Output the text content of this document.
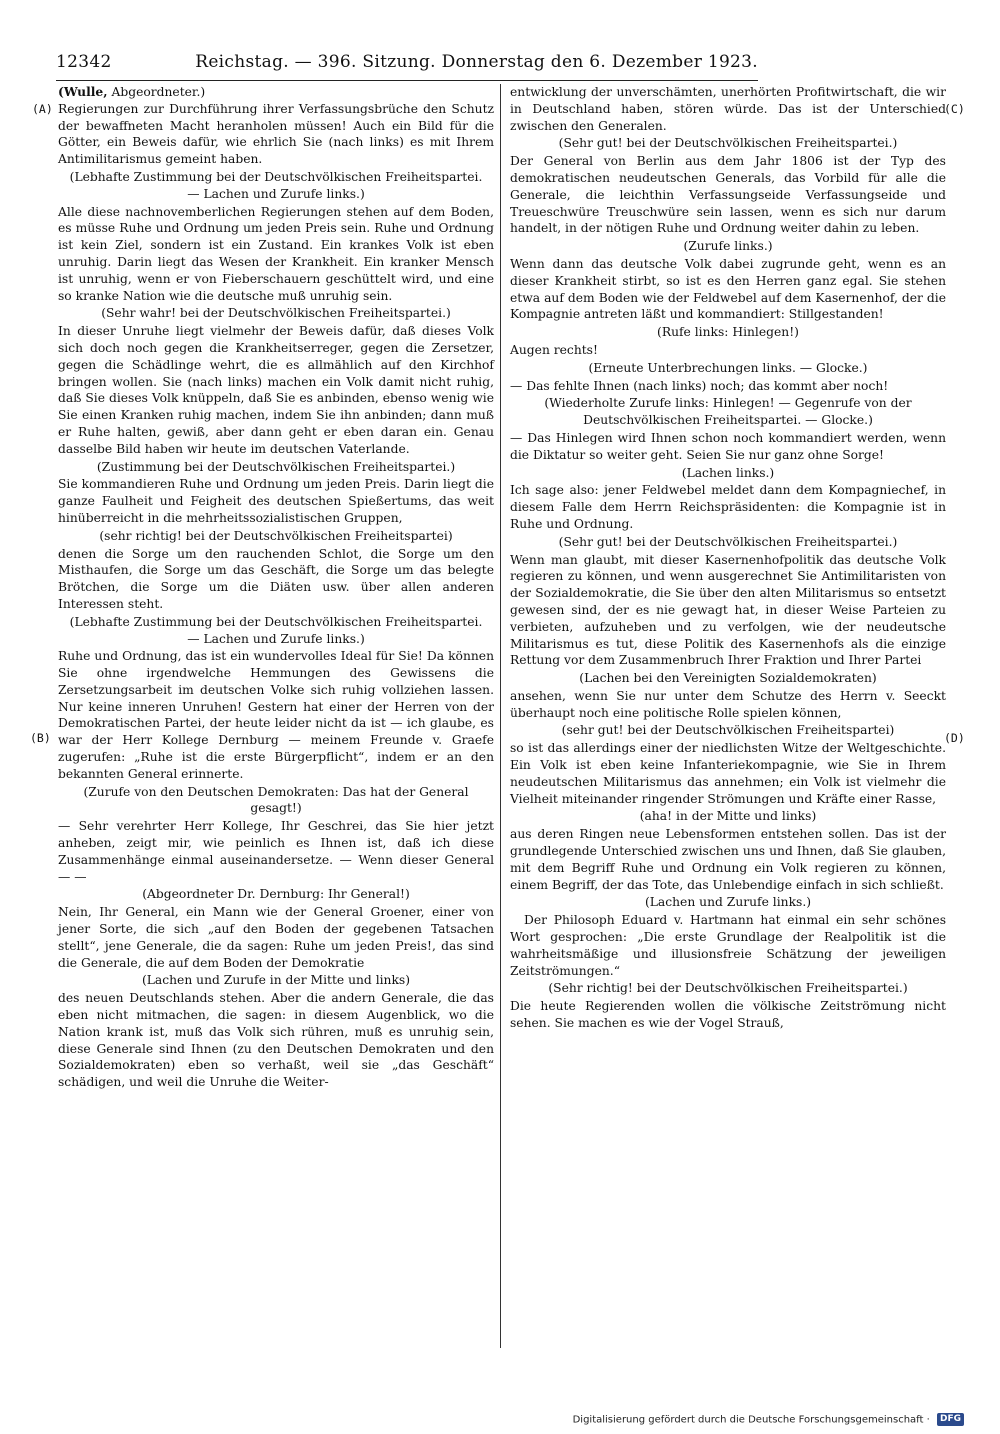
12342	Reichstag. — 396. Sitzung. Donnerstag den 6. Dezember 1923.
(A)
(B)
(C)
(D)

(Wulle, Abgeordneter.)

Regierungen zur Durchführung ihrer Verfassungsbrüche den Schutz der bewaffneten Macht heranholen müssen! Auch ein Bild für die Götter, ein Beweis dafür, wie ehrlich Sie (nach links) es mit Ihrem Antimilitarismus gemeint haben.

(Lebhafte Zustimmung bei der Deutschvölkischen Freiheitspartei. — Lachen und Zurufe links.)

Alle diese nachnovemberlichen Regierungen stehen auf dem Boden, es müsse Ruhe und Ordnung um jeden Preis sein. Ruhe und Ordnung ist kein Ziel, sondern ist ein Zustand. Ein krankes Volk ist eben unruhig. Darin liegt das Wesen der Krankheit. Ein kranker Mensch ist unruhig, wenn er von Fieberschauern geschüttelt wird, und eine so kranke Nation wie die deutsche muß unruhig sein.

(Sehr wahr! bei der Deutschvölkischen Freiheitspartei.)

In dieser Unruhe liegt vielmehr der Beweis dafür, daß dieses Volk sich doch noch gegen die Krankheitserreger, gegen die Zersetzer, gegen die Schädlinge wehrt, die es allmählich auf den Kirchhof bringen wollen. Sie (nach links) machen ein Volk damit nicht ruhig, daß Sie dieses Volk knüppeln, daß Sie es anbinden, ebenso wenig wie Sie einen Kranken ruhig machen, indem Sie ihn anbinden; dann muß er Ruhe halten, gewiß, aber dann geht er eben daran ein. Genau dasselbe Bild haben wir heute im deutschen Vaterlande.

(Zustimmung bei der Deutschvölkischen Freiheitspartei.)

Sie kommandieren Ruhe und Ordnung um jeden Preis. Darin liegt die ganze Faulheit und Feigheit des deutschen Spießertums, das weit hinüberreicht in die mehrheitssozialistischen Gruppen,

(sehr richtig! bei der Deutschvölkischen Freiheitspartei)

denen die Sorge um den rauchenden Schlot, die Sorge um den Misthaufen, die Sorge um das Geschäft, die Sorge um das belegte Brötchen, die Sorge um die Diäten usw. über allen anderen Interessen steht.

(Lebhafte Zustimmung bei der Deutschvölkischen Freiheitspartei. — Lachen und Zurufe links.)

Ruhe und Ordnung, das ist ein wundervolles Ideal für Sie! Da können Sie ohne irgendwelche Hemmungen des Gewissens die Zersetzungsarbeit im deutschen Volke sich ruhig vollziehen lassen. Nur keine inneren Unruhen! Gestern hat einer der Herren von der Demokratischen Partei, der heute leider nicht da ist — ich glaube, es war der Herr Kollege Dernburg — meinem Freunde v. Graefe zugerufen: „Ruhe ist die erste Bürgerpflicht“, indem er an den bekannten General erinnerte.

(Zurufe von den Deutschen Demokraten: Das hat der General gesagt!)

— Sehr verehrter Herr Kollege, Ihr Geschrei, das Sie hier jetzt anheben, zeigt mir, wie peinlich es Ihnen ist, daß ich diese Zusammenhänge einmal auseinandersetze. — Wenn dieser General — —

(Abgeordneter Dr. Dernburg: Ihr General!)

Nein, Ihr General, ein Mann wie der General Groener, einer von jener Sorte, die sich „auf den Boden der gegebenen Tatsachen stellt“, jene Generale, die da sagen: Ruhe um jeden Preis!, das sind die Generale, die auf dem Boden der Demokratie

(Lachen und Zurufe in der Mitte und links)

des neuen Deutschlands stehen. Aber die andern Generale, die das eben nicht mitmachen, die sagen: in diesem Augenblick, wo die Nation krank ist, muß das Volk sich rühren, muß es unruhig sein, diese Generale sind Ihnen (zu den Deutschen Demokraten und den Sozialdemokraten) eben so verhaßt, weil sie „das Geschäft“ schädigen, und weil die Unruhe die Weiter-

entwicklung der unverschämten, unerhörten Profitwirtschaft, die wir in Deutschland haben, stören würde. Das ist der Unterschied zwischen den Generalen.

(Sehr gut! bei der Deutschvölkischen Freiheitspartei.)

Der General von Berlin aus dem Jahr 1806 ist der Typ des demokratischen neudeutschen Generals, das Vorbild für alle die Generale, die leichthin Verfassungseide Verfassungseide und Treueschwüre Treuschwüre sein lassen, wenn es sich nur darum handelt, in der nötigen Ruhe und Ordnung weiter dahin zu leben.

(Zurufe links.)

Wenn dann das deutsche Volk dabei zugrunde geht, wenn es an dieser Krankheit stirbt, so ist es den Herren ganz egal. Sie stehen etwa auf dem Boden wie der Feldwebel auf dem Kasernenhof, der die Kompagnie antreten läßt und kommandiert: Stillgestanden!

(Rufe links: Hinlegen!)

Augen rechts!

(Erneute Unterbrechungen links. — Glocke.)

— Das fehlte Ihnen (nach links) noch; das kommt aber noch!

(Wiederholte Zurufe links: Hinlegen! — Gegenrufe von der Deutschvölkischen Freiheitspartei. — Glocke.)

— Das Hinlegen wird Ihnen schon noch kommandiert werden, wenn die Diktatur so weiter geht. Seien Sie nur ganz ohne Sorge!

(Lachen links.)

Ich sage also: jener Feldwebel meldet dann dem Kompagniechef, in diesem Falle dem Herrn Reichspräsidenten: die Kompagnie ist in Ruhe und Ordnung.

(Sehr gut! bei der Deutschvölkischen Freiheitspartei.)

Wenn man glaubt, mit dieser Kasernenhofpolitik das deutsche Volk regieren zu können, und wenn ausgerechnet Sie Antimilitaristen von der Sozialdemokratie, die Sie über den alten Militarismus so entsetzt gewesen sind, der es nie gewagt hat, in dieser Weise Parteien zu verbieten, aufzuheben und zu verfolgen, wie der neudeutsche Militarismus es tut, diese Politik des Kasernenhofs als die einzige Rettung vor dem Zusammenbruch Ihrer Fraktion und Ihrer Partei

(Lachen bei den Vereinigten Sozialdemokraten)

ansehen, wenn Sie nur unter dem Schutze des Herrn v. Seeckt überhaupt noch eine politische Rolle spielen können,

(sehr gut! bei der Deutschvölkischen Freiheitspartei)

so ist das allerdings einer der niedlichsten Witze der Weltgeschichte. Ein Volk ist eben keine Infanteriekompagnie, wie Sie in Ihrem neudeutschen Militarismus das annehmen; ein Volk ist vielmehr die Vielheit miteinander ringender Strömungen und Kräfte einer Rasse,

(aha! in der Mitte und links)

aus deren Ringen neue Lebensformen entstehen sollen. Das ist der grundlegende Unterschied zwischen uns und Ihnen, daß Sie glauben, mit dem Begriff Ruhe und Ordnung ein Volk regieren zu können, einem Begriff, der das Tote, das Unlebendige einfach in sich schließt.

(Lachen und Zurufe links.)

Der Philosoph Eduard v. Hartmann hat einmal ein sehr schönes Wort gesprochen: „Die erste Grundlage der Realpolitik ist die wahrheitsmäßige und illusionsfreie Schätzung der jeweiligen Zeitströmungen.“

(Sehr richtig! bei der Deutschvölkischen Freiheitspartei.)

Die heute Regierenden wollen die völkische Zeitströmung nicht sehen. Sie machen es wie der Vogel Strauß,

Digitalisierung gefördert durch die Deutsche Forschungsgemeinschaft · DFG
